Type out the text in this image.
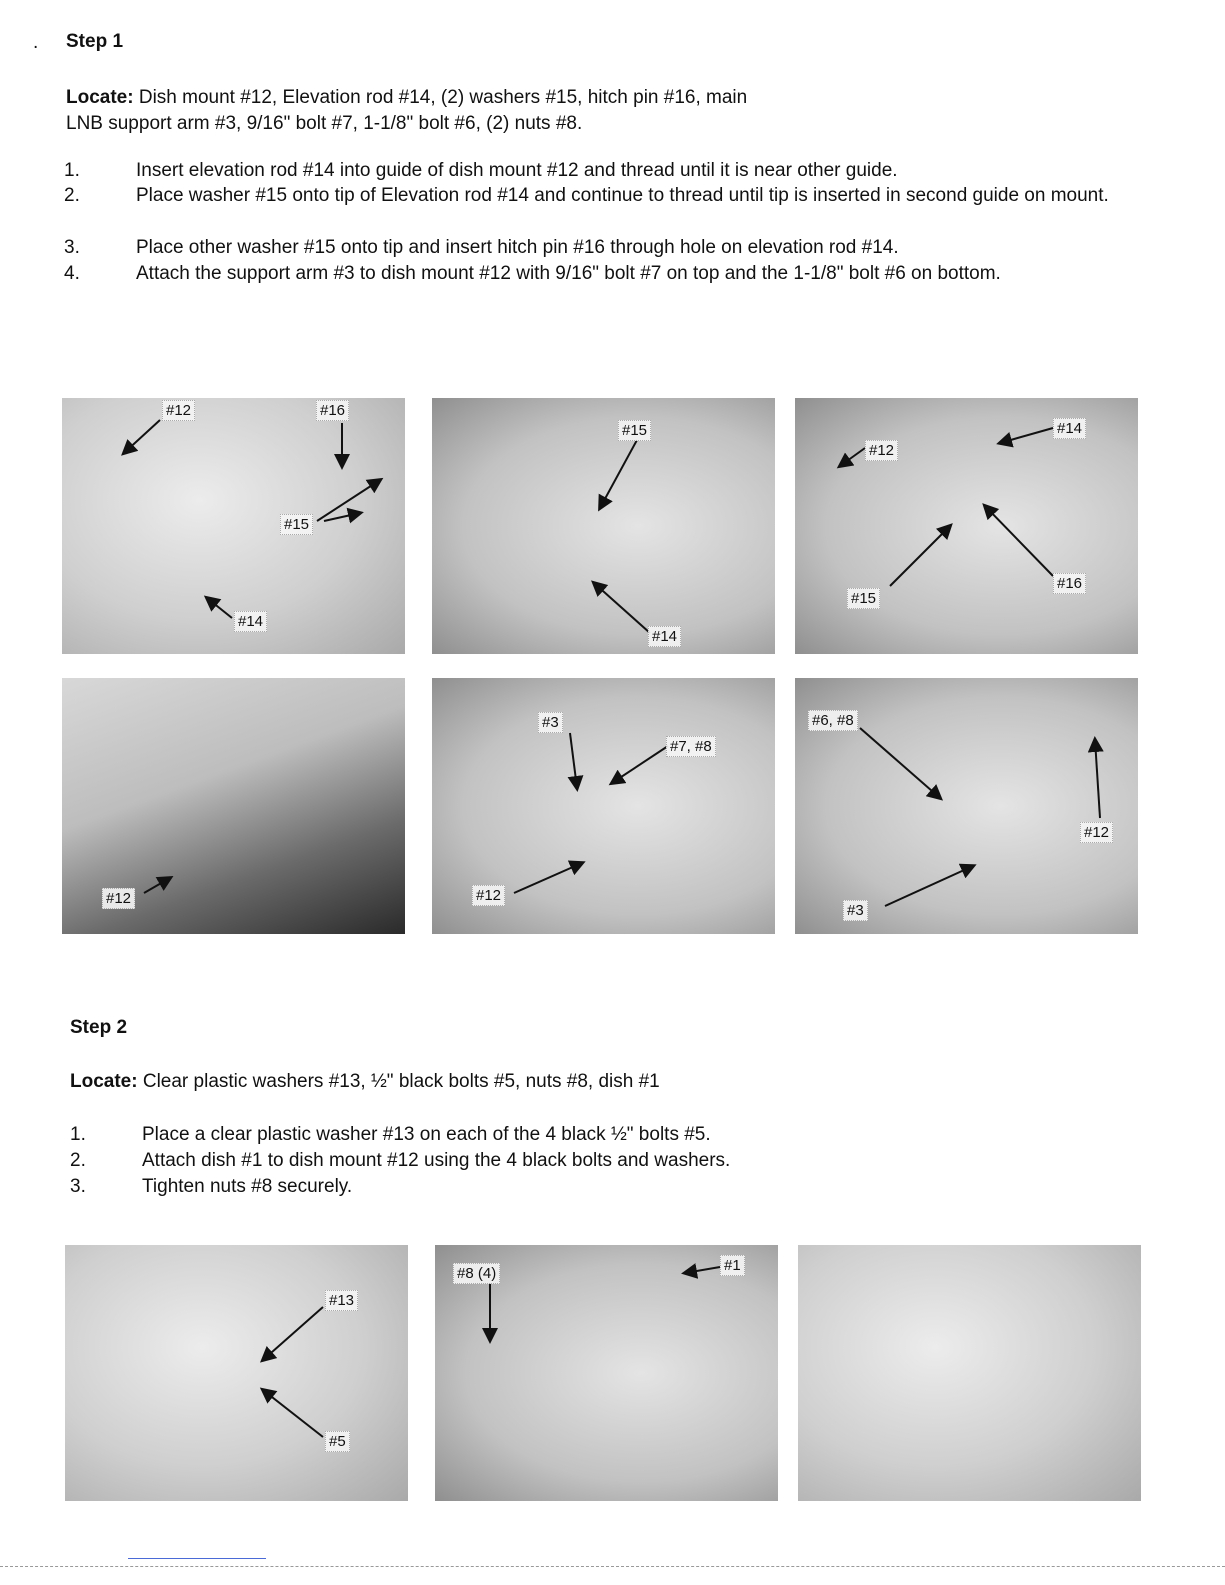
. Step 1
Locate: Dish mount #12, Elevation rod #14, (2) washers #15, hitch pin #16, main
LNB support arm #3, 9/16" bolt #7, 1-1/8" bolt #6, (2) nuts #8.
1.	Insert elevation rod #14 into guide of dish mount #12 and thread until it is near other guide.
2.	Place washer #15 onto tip of Elevation rod #14 and continue to thread until tip is inserted in second guide on mount.
3.	Place other washer #15 onto tip and insert hitch pin #16 through hole on elevation rod #14.
4.	Attach the support arm #3 to dish mount #12 with 9/16" bolt #7 on top and the 1-1/8" bolt #6 on bottom.
#12	#16
#15
#14
#15
#14
#12
#14
#15
#16
#12
#3
#7, #8
#12
#6, #8
#12
#3
Step 2
Locate: Clear plastic washers #13, ½" black bolts #5, nuts #8, dish #1
1.	Place a clear plastic washer #13 on each of the 4 black ½" bolts #5.
2.	Attach dish #1 to dish mount #12 using the 4 black bolts and washers.
3.	Tighten nuts #8 securely.
#13
#5
#8 (4)	#1
